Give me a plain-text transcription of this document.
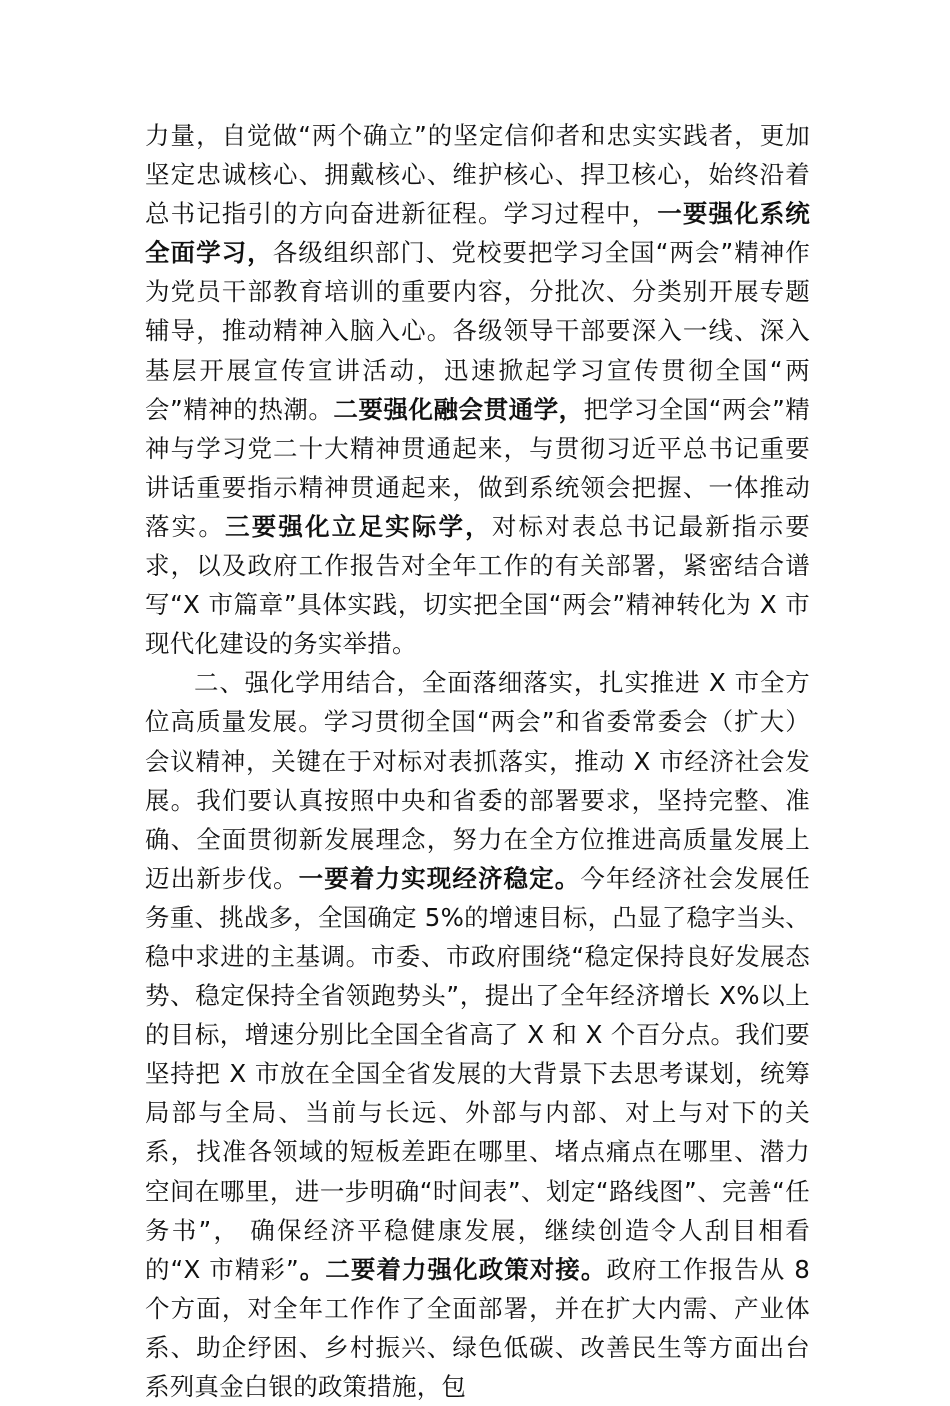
力量，自觉做“两个确立”的坚定信仰者和忠实实践者，更加坚定忠诚核心、拥戴核心、维护核心、捍卫核心，始终沿着总书记指引的方向奋进新征程。学习过程中，一要强化系统全面学习，各级组织部门、党校要把学习全国“两会”精神作为党员干部教育培训的重要内容，分批次、分类别开展专题辅导，推动精神入脑入心。各级领导干部要深入一线、深入基层开展宣传宣讲活动，迅速掀起学习宣传贯彻全国“两会”精神的热潮。二要强化融会贯通学，把学习全国“两会”精神与学习党二十大精神贯通起来，与贯彻习近平总书记重要讲话重要指示精神贯通起来，做到系统领会把握、一体推动落实。三要强化立足实际学，对标对表总书记最新指示要求，以及政府工作报告对全年工作的有关部署，紧密结合谱写“X 市篇章”具体实践，切实把全国“两会”精神转化为 X 市现代化建设的务实举措。

二、强化学用结合，全面落细落实，扎实推进 X 市全方位高质量发展。学习贯彻全国“两会”和省委常委会（扩大）会议精神，关键在于对标对表抓落实，推动 X 市经济社会发展。我们要认真按照中央和省委的部署要求，坚持完整、准确、全面贯彻新发展理念，努力在全方位推进高质量发展上迈出新步伐。一要着力实现经济稳定。今年经济社会发展任务重、挑战多，全国确定 5%的增速目标，凸显了稳字当头、稳中求进的主基调。市委、市政府围绕“稳定保持良好发展态势、稳定保持全省领跑势头”，提出了全年经济增长 X%以上的目标，增速分别比全国全省高了 X 和 X 个百分点。我们要坚持把 X 市放在全国全省发展的大背景下去思考谋划，统筹局部与全局、当前与长远、外部与内部、对上与对下的关系，找准各领域的短板差距在哪里、堵点痛点在哪里、潜力空间在哪里，进一步明确“时间表”、划定“路线图”、完善“任务书”， 确保经济平稳健康发展，继续创造令人刮目相看的“X 市精彩”。二要着力强化政策对接。政府工作报告从 8 个方面，对全年工作作了全面部署，并在扩大内需、产业体系、助企纾困、乡村振兴、绿色低碳、改善民生等方面出台系列真金白银的政策措施，包
